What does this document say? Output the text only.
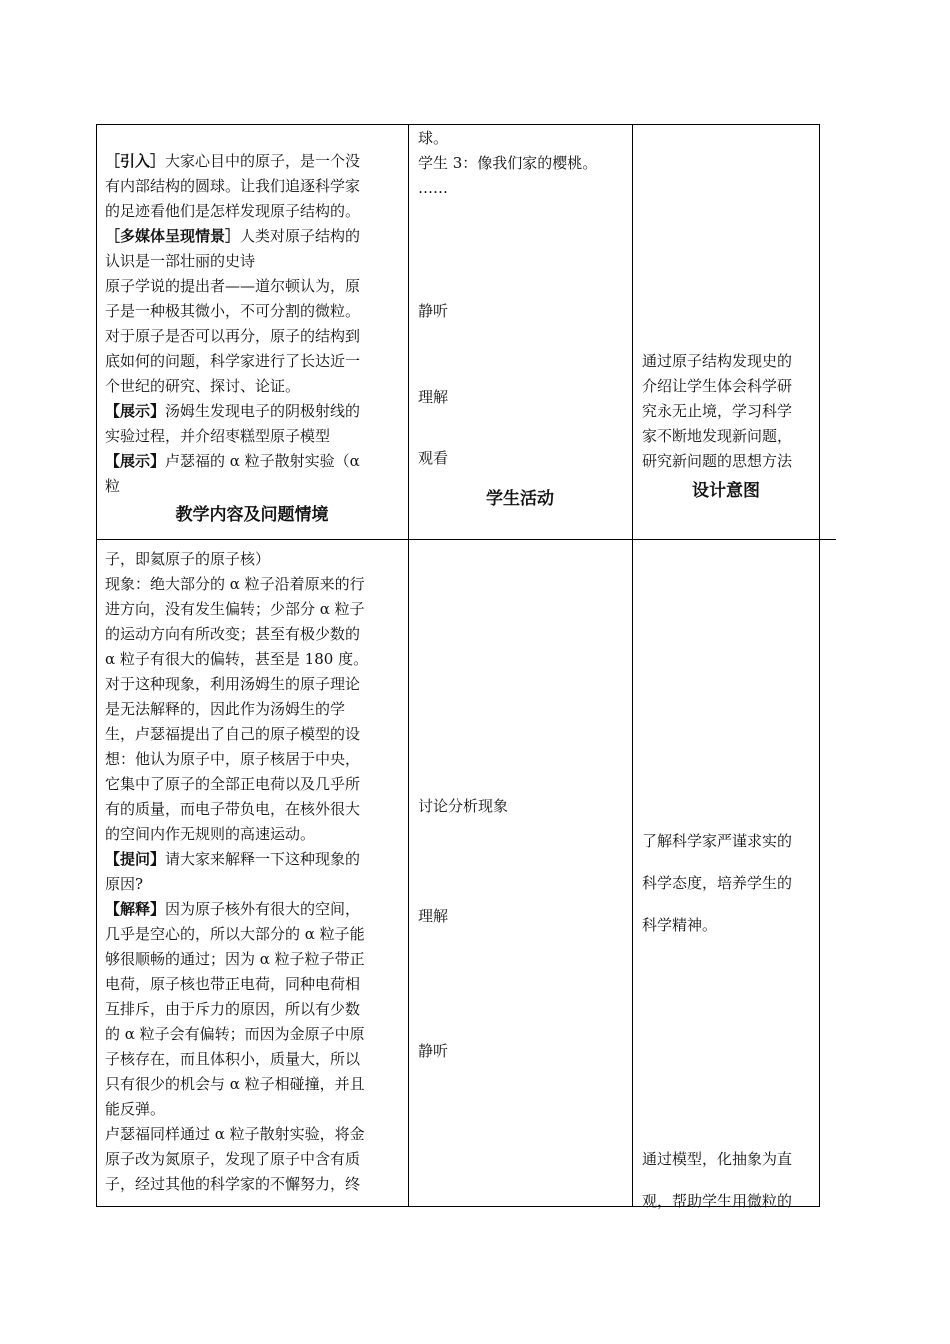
［引入］大家心目中的原子，是一个没

有内部结构的圆球。让我们追逐科学家

的足迹看他们是怎样发现原子结构的。

［多媒体呈现情景］人类对原子结构的

认识是一部壮丽的史诗

原子学说的提出者——道尔顿认为，原

子是一种极其微小，不可分割的微粒。

对于原子是否可以再分，原子的结构到

底如何的问题，科学家进行了长达近一

个世纪的研究、探讨、论证。

【展示】汤姆生发现电子的阴极射线的

实验过程，并介绍枣糕型原子模型

【展示】卢瑟福的 α 粒子散射实验（α

粒

球。

学生 3：像我们家的樱桃。

……

静听
理解
观看

通过原子结构发现史的

介绍让学生体会科学研

究永无止境，学习科学

家不断地发现新问题，

研究新问题的思想方法

教学内容及问题情境
学生活动	设计意图

子，即氦原子的原子核）

现象：绝大部分的 α 粒子沿着原来的行

进方向，没有发生偏转；少部分 α 粒子

的运动方向有所改变；甚至有极少数的

α 粒子有很大的偏转，甚至是 180 度。

对于这种现象，利用汤姆生的原子理论

是无法解释的，因此作为汤姆生的学

生，卢瑟福提出了自己的原子模型的设

想：他认为原子中，原子核居于中央，

它集中了原子的全部正电荷以及几乎所

有的质量，而电子带负电，在核外很大

的空间内作无规则的高速运动。

【提问】请大家来解释一下这种现象的

原因?

【解释】因为原子核外有很大的空间，

几乎是空心的，所以大部分的 α 粒子能

够很顺畅的通过；因为 α 粒子粒子带正

电荷，原子核也带正电荷，同种电荷相

互排斥，由于斥力的原因，所以有少数

的 α 粒子会有偏转；而因为金原子中原

子核存在，而且体积小，质量大，所以

只有很少的机会与 α 粒子相碰撞，并且

能反弹。

卢瑟福同样通过 α 粒子散射实验，将金

原子改为氮原子，发现了原子中含有质

子，经过其他的科学家的不懈努力，终

讨论分析现象
理解
静听

了解科学家严谨求实的

科学态度，培养学生的

科学精神。

通过模型，化抽象为直

观，帮助学生用微粒的
